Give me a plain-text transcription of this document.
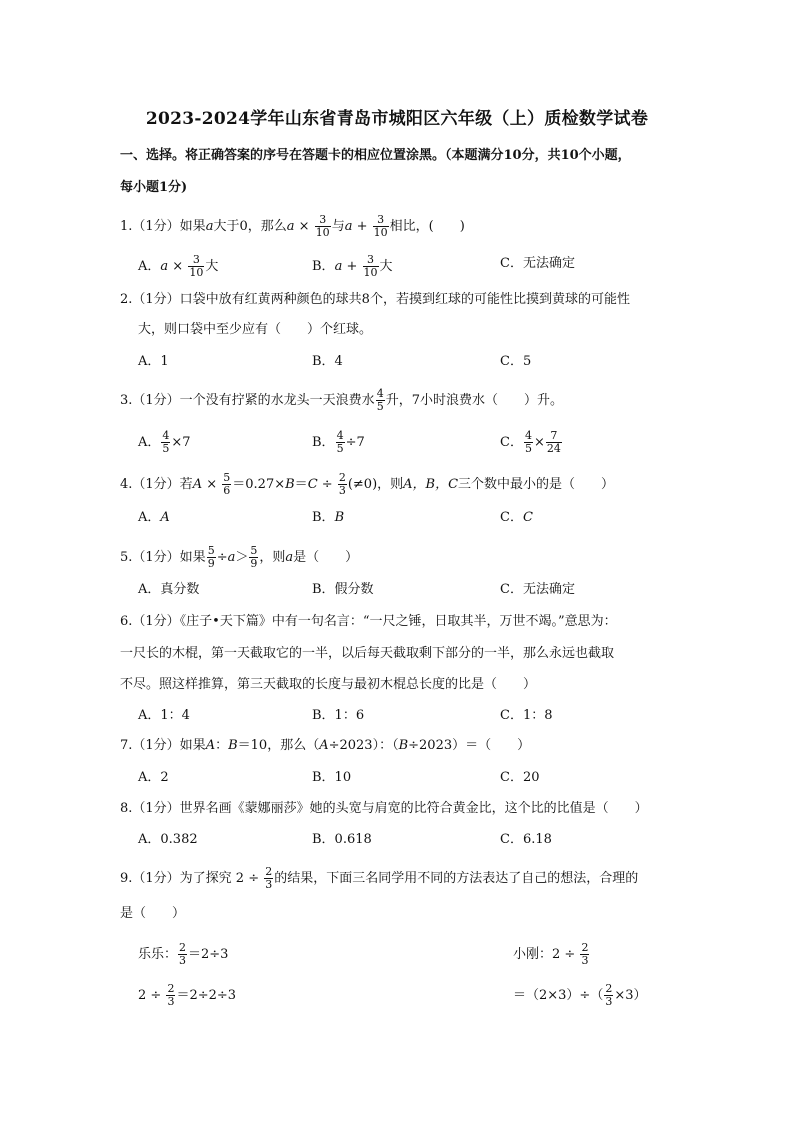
2023-2024学年山东省青岛市城阳区六年级（上）质检数学试卷
一、选择。将正确答案的序号在答题卡的相应位置涂黑。（本题满分10分，共10个小题，
每小题1分)
1.（1分）如果a大于0，那么$a \times \frac{3}{10}$ 与$a + \frac{3}{10}$ 相比，(　　)
A．$a \times \frac{3}{10}$ 大	B．$a + \frac{3}{10}$ 大	C．无法确定
2.（1分）口袋中放有红黄两种颜色的球共8个，若摸到红球的可能性比摸到黄球的可能性
大，则口袋中至少应有（　　）个红球。
A．1	B．4	C．5
3.（1分）一个没有拧紧的水龙头一天浪费水 $\frac{4}{5}$ 升，7小时浪费水（　　）升。
A． $\frac{4}{5} \times 7$	B． $\frac{4}{5} \div 7$	C． $\frac{4}{5} \times \frac{7}{24}$
4.（1分）若$A \times \frac{5}{6} =0.27\times B=C \div \frac{2}{3} (\ne 0)$，则A，B，C三个数中最小的是（　　）
A．A	B．B	C．C
5.（1分）如果 $\frac{5}{9} \div a> \frac{5}{9}$ ，则a是（　　）
A．真分数	B．假分数	C．无法确定
6.（1分）《庄子•天下篇》中有一句名言：“一尺之锤，日取其半，万世不竭。”意思为：
一尺长的木棍，第一天截取它的一半，以后每天截取剩下部分的一半，那么永远也截取
不尽。照这样推算，第三天截取的长度与最初木棍总长度的比是（　　）
A．1：4	B．1：6	C．1：8
7.（1分）如果A：B＝10，那么（A÷2023）：（B÷2023）＝（　　）
A．2	B．10	C．20
8.（1分）世界名画《蒙娜丽莎》她的头宽与肩宽的比符合黄金比，这个比的比值是（　　）
A．0.382	B．0.618	C．6.18
9.（1分）为了探究 $2 \div \frac{2}{3}$ 的结果，下面三名同学用不同的方法表达了自己的想法，合理的
是（　　）
乐乐： $\frac{2}{3} =2\div 3$
$2 \div \frac{2}{3} =2\div 2\div 3$
小刚：$2 \div \frac{2}{3}$
$=(2\times 3)\div( \frac{2}{3} \times 3)$
